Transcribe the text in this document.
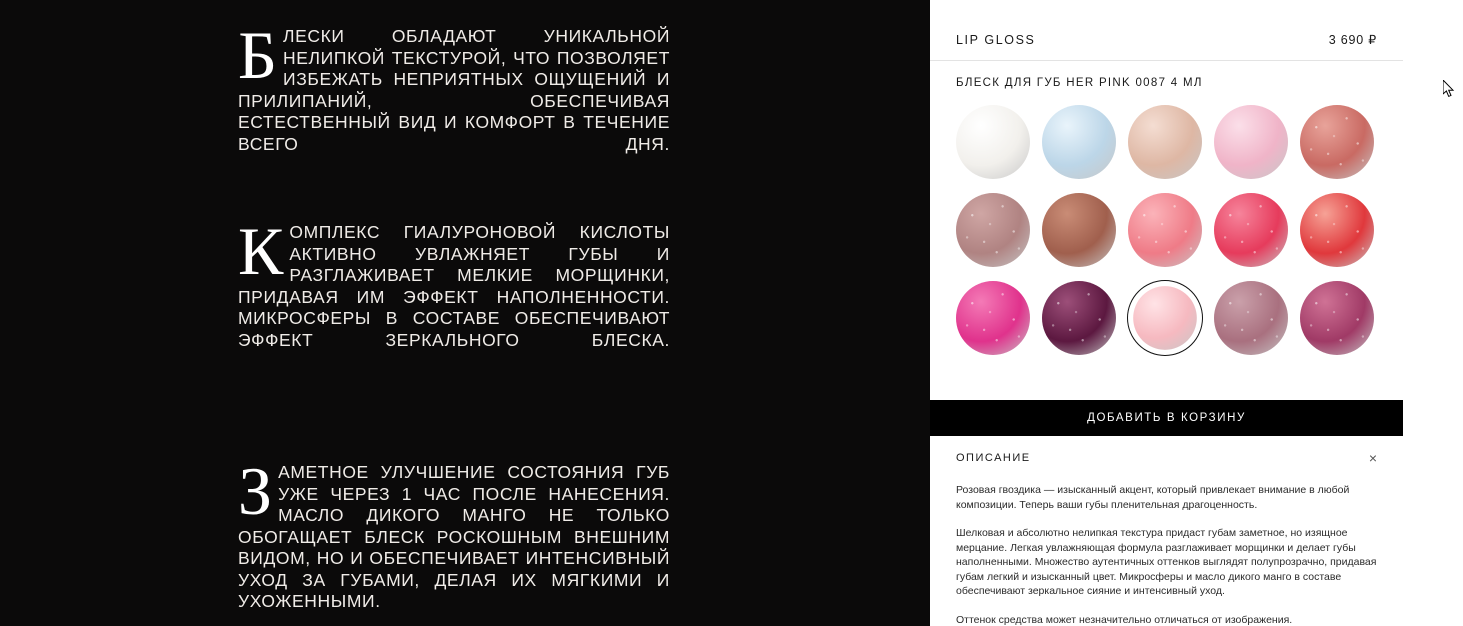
Б ЛЕСКИ ОБЛАДАЮТ УНИКАЛЬНОЙ НЕЛИПКОЙ ТЕКСТУРОЙ, ЧТО ПОЗВОЛЯЕТ ИЗБЕЖАТЬ НЕПРИЯТНЫХ ОЩУЩЕНИЙ И ПРИЛИПАНИЙ, ОБЕСПЕЧИВАЯ ЕСТЕСТВЕННЫЙ ВИД И КОМФОРТ В ТЕЧЕНИЕ ВСЕГО ДНЯ.
К ОМПЛЕКС ГИАЛУРОНОВОЙ КИСЛОТЫ АКТИВНО УВЛАЖНЯЕТ ГУБЫ И РАЗГЛАЖИВАЕТ МЕЛКИЕ МОРЩИНКИ, ПРИДАВАЯ ИМ ЭФФЕКТ НАПОЛНЕННОСТИ. МИКРОСФЕРЫ В СОСТАВЕ ОБЕСПЕЧИВАЮТ ЭФФЕКТ ЗЕРКАЛЬНОГО БЛЕСКА.
З АМЕТНОЕ УЛУЧШЕНИЕ СОСТОЯНИЯ ГУБ УЖЕ ЧЕРЕЗ 1 ЧАС ПОСЛЕ НАНЕСЕНИЯ. МАСЛО ДИКОГО МАНГО НЕ ТОЛЬКО ОБОГАЩАЕТ БЛЕСК РОСКОШНЫМ ВНЕШНИМ ВИДОМ, НО И ОБЕСПЕЧИВАЕТ ИНТЕНСИВНЫЙ УХОД ЗА ГУБАМИ, ДЕЛАЯ ИХ МЯГКИМИ И УХОЖЕННЫМИ.
LIP GLOSS	3 690 ₽
БЛЕСК ДЛЯ ГУБ HER PINK 0087 4 МЛ
ДОБАВИТЬ В КОРЗИНУ
ОПИСАНИЕ	×

Розовая гвоздика — изысканный акцент, который привлекает внимание в любой композиции. Теперь ваши губы пленительная драгоценность.

Шелковая и абсолютно нелипкая текстура придаст губам заметное, но изящное мерцание. Легкая увлажняющая формула разглаживает морщинки и делает губы наполненными. Множество аутентичных оттенков выглядят полупрозрачно, придавая губам легкий и изысканный цвет. Микросферы и масло дикого манго в составе обеспечивают зеркальное сияние и интенсивный уход.

Оттенок средства может незначительно отличаться от изображения.
